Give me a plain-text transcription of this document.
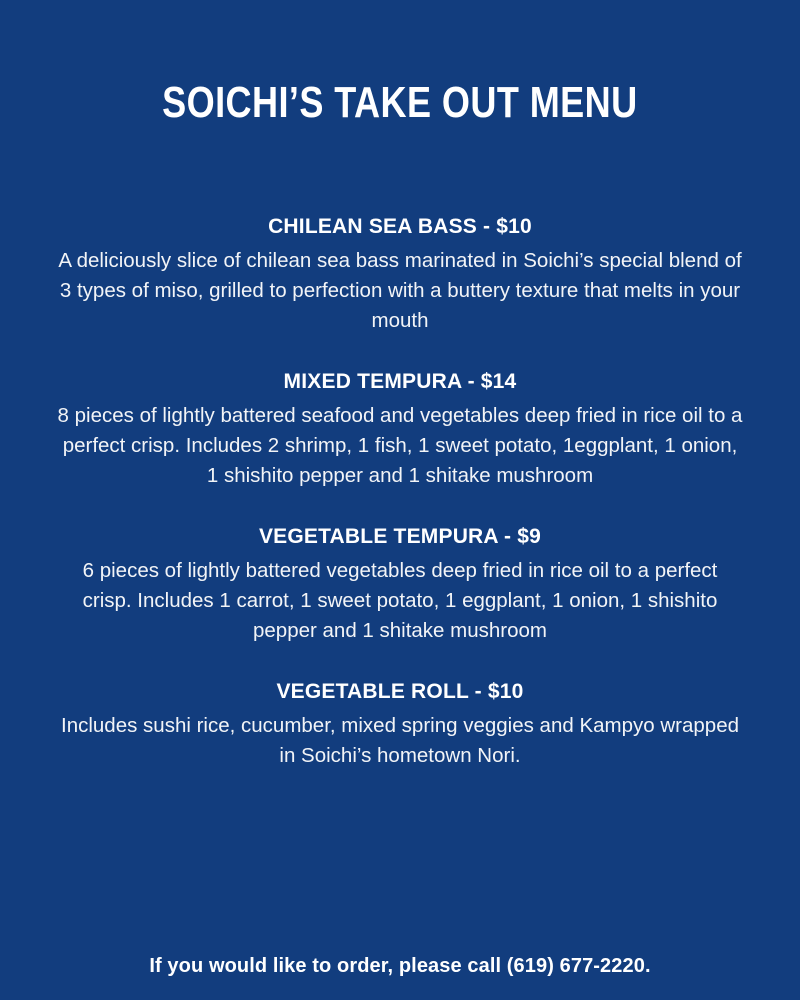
SOICHI’S TAKE OUT MENU
CHILEAN SEA BASS - $10
A deliciously slice of chilean sea bass marinated in Soichi’s special blend of 3 types of miso, grilled to perfection with a buttery texture that melts in your mouth
MIXED TEMPURA - $14
8 pieces of lightly battered seafood and vegetables deep fried in rice oil to a perfect crisp. Includes 2 shrimp, 1 fish, 1 sweet potato, 1eggplant, 1 onion, 1 shishito pepper and 1 shitake mushroom
VEGETABLE TEMPURA - $9
6 pieces of lightly battered vegetables deep fried in rice oil to a perfect crisp. Includes 1 carrot, 1 sweet potato, 1 eggplant, 1 onion, 1 shishito pepper and 1 shitake mushroom
VEGETABLE ROLL - $10
Includes sushi rice, cucumber, mixed spring veggies and Kampyo wrapped in Soichi’s hometown Nori.
If you would like to order, please call (619) 677-2220.
